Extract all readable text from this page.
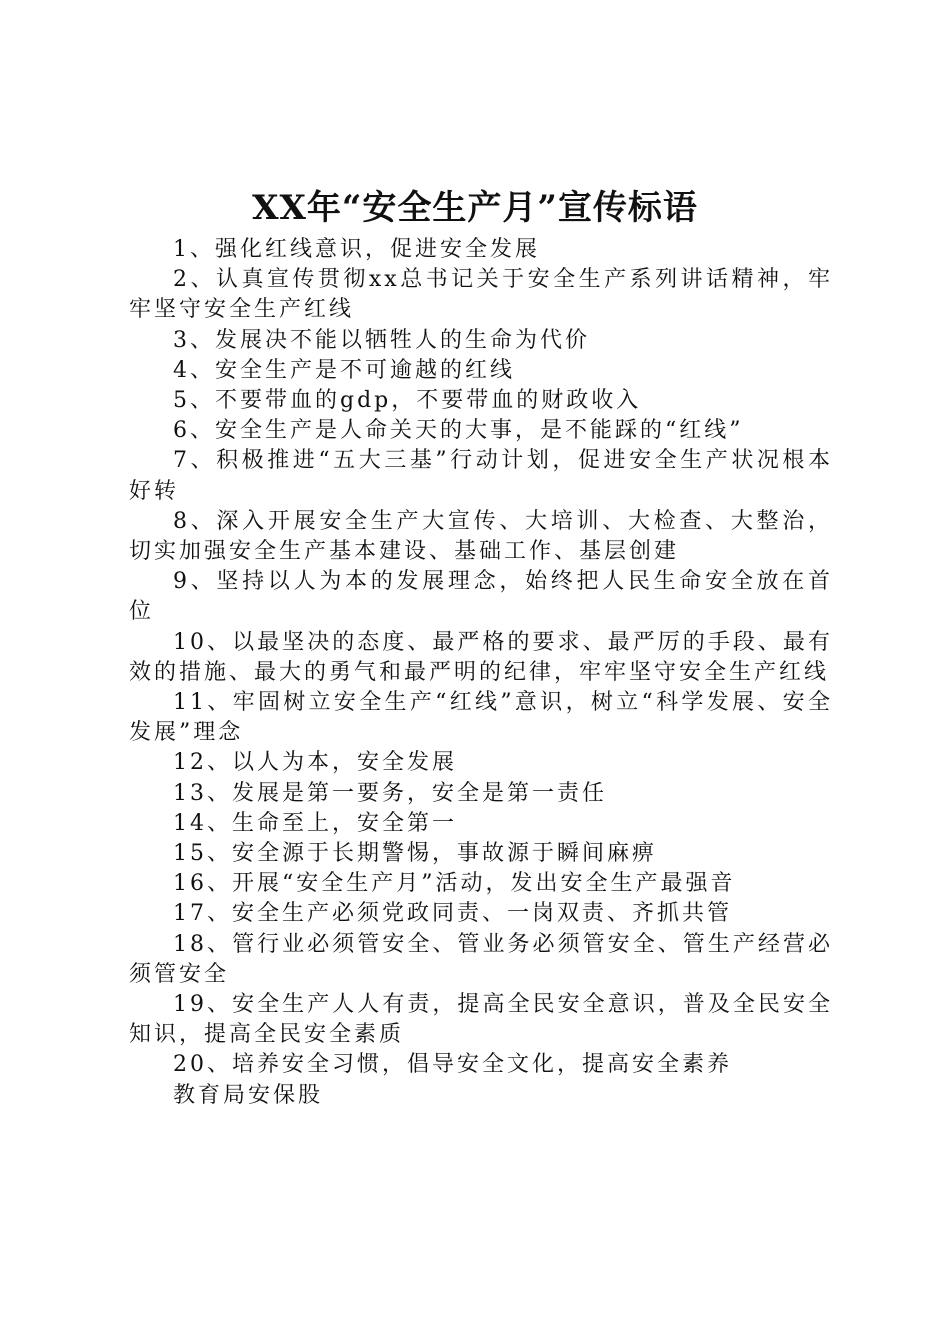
XX年“安全生产月”宣传标语

1、强化红线意识，促进安全发展

2、认真宣传贯彻xx总书记关于安全生产系列讲话精神，牢牢坚守安全生产红线

3、发展决不能以牺牲人的生命为代价

4、安全生产是不可逾越的红线

5、不要带血的gdp，不要带血的财政收入

6、安全生产是人命关天的大事，是不能踩的“红线”

7、积极推进“五大三基”行动计划，促进安全生产状况根本好转

8、深入开展安全生产大宣传、大培训、大检查、大整治，切实加强安全生产基本建设、基础工作、基层创建

9、坚持以人为本的发展理念，始终把人民生命安全放在首位

10、以最坚决的态度、最严格的要求、最严厉的手段、最有效的措施、最大的勇气和最严明的纪律，牢牢坚守安全生产红线

11、牢固树立安全生产“红线”意识，树立“科学发展、安全发展”理念

12、以人为本，安全发展

13、发展是第一要务，安全是第一责任

14、生命至上，安全第一

15、安全源于长期警惕，事故源于瞬间麻痹

16、开展“安全生产月”活动，发出安全生产最强音

17、安全生产必须党政同责、一岗双责、齐抓共管

18、管行业必须管安全、管业务必须管安全、管生产经营必须管安全

19、安全生产人人有责，提高全民安全意识，普及全民安全知识，提高全民安全素质

20、培养安全习惯，倡导安全文化，提高安全素养

教育局安保股
